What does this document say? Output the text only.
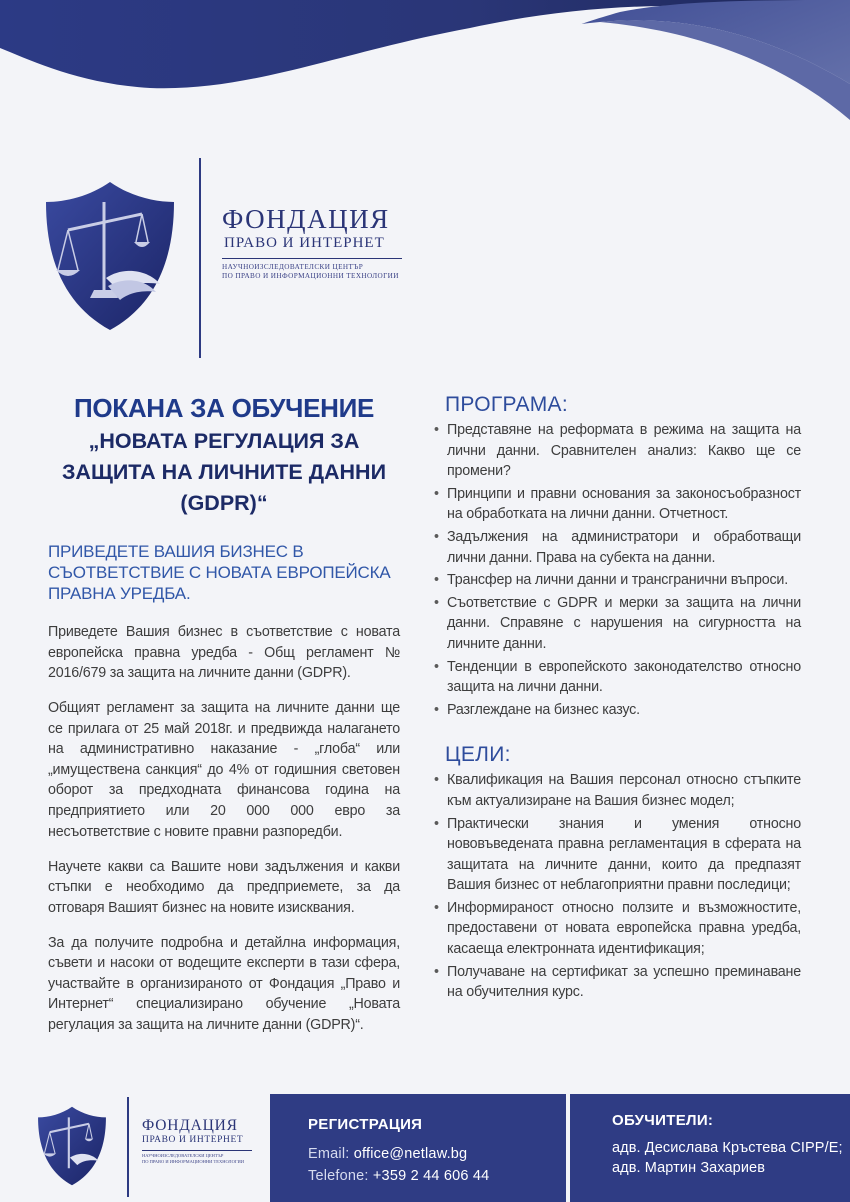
ФОНДАЦИЯ
ПРАВО И ИНТЕРНЕТ
НАУЧНОИЗСЛЕДОВАТЕЛСКИ ЦЕНТЪР
ПО ПРАВО И ИНФОРМАЦИОННИ ТЕХНОЛОГИИ
ПОКАНА ЗА ОБУЧЕНИЕ
„НОВАТА РЕГУЛАЦИЯ ЗА ЗАЩИТА НА ЛИЧНИТЕ ДАННИ (GDPR)“
ПРИВЕДЕТЕ ВАШИЯ БИЗНЕС В СЪОТВЕТСТВИЕ С НОВАТА ЕВРОПЕЙСКА ПРАВНА УРЕДБА.

Приведете Вашия бизнес в съответствие с новата европейска правна уредба - Общ регламент № 2016/679 за защита на личните данни (GDPR).

Общият регламент за защита на личните данни ще се прилага от 25 май 2018г. и предвижда налагането на административно наказание - „глоба“ или „имуществена санкция“ до 4% от годишния световен оборот за предходната финансова година на предприятието или 20 000 000 евро за несъответствие с новите правни разпоредби.

Научете какви са Вашите нови задължения и какви стъпки е необходимо да предприемете, за да отговаря Вашият бизнес на новите изисквания.

За да получите подробна и детайлна информация, съвети и насоки от водещите експерти в тази сфера, участвайте в организираното от Фондация „Право и Интернет“ специализирано обучение „Новата регулация за защита на личните данни (GDPR)“.

ПРОГРАМА:
• Представяне на реформата в режима на защита на лични данни. Сравнителен анализ: Какво ще се промени?
• Принципи и правни основания за законосъобразност на обработката на лични данни. Отчетност.
• Задължения на администратори и обработващи лични данни. Права на субекта на данни.
• Трансфер на лични данни и трансгранични въпроси.
• Съответствие с GDPR и мерки за защита на лични данни. Справяне с нарушения на сигурността на личните данни.
• Тенденции в европейското законодателство относно защита на лични данни.
• Разглеждане на бизнес казус.
ЦЕЛИ:
• Квалификация на Вашия персонал относно стъпките към актуализиране на Вашия бизнес модел;
• Практически знания и умения относно нововъведената правна регламентация в сферата на защитата на личните данни, които да предпазят Вашия бизнес от неблагоприятни правни последици;
• Информираност относно ползите и възможностите, предоставени от новата европейска правна уредба, касаеща електронната идентификация;
• Получаване на сертификат за успешно преминаване на обучителния курс.
ФОНДАЦИЯ
ПРАВО И ИНТЕРНЕТ
НАУЧНОИЗСЛЕДОВАТЕЛСКИ ЦЕНТЪР
ПО ПРАВО И ИНФОРМАЦИОННИ ТЕХНОЛОГИИ
РЕГИСТРАЦИЯ
Email: office@netlaw.bg
Telefone: +359 2 44 606 44
ОБУЧИТЕЛИ:
адв. Десислава Кръстева CIPP/E;
адв. Мартин Захариев
